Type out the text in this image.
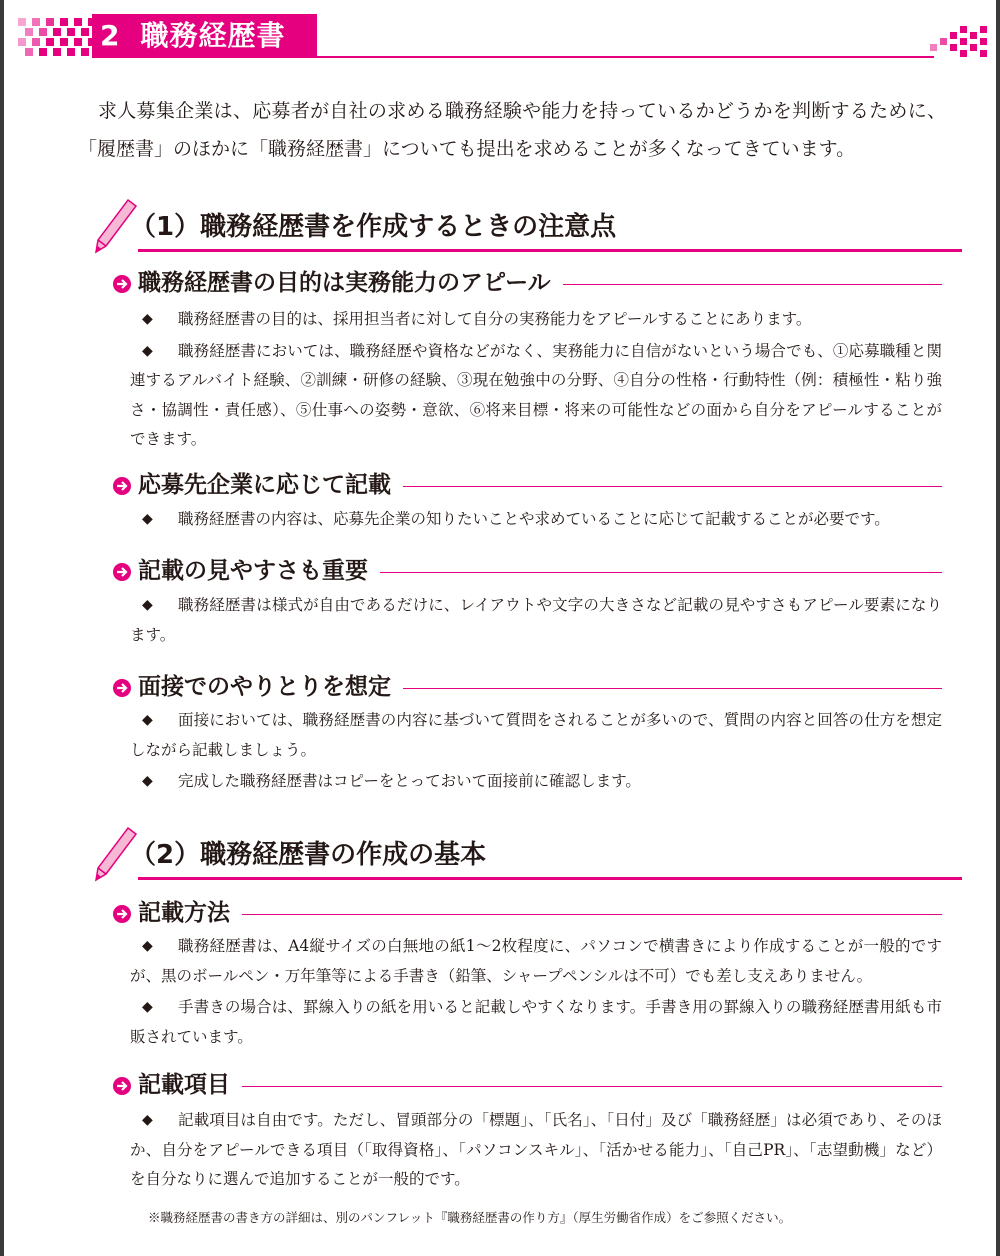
2 職務経歴書

求人募集企業は、応募者が自社の求める職務経験や能力を持っているかどうかを判断するために、「履歴書」のほかに「職務経歴書」についても提出を求めることが多くなってきています。

（1）職務経歴書を作成するときの注意点
職務経歴書の目的は実務能力のアピール
◆ 職務経歴書の目的は、採用担当者に対して自分の実務能力をアピールすることにあります。
◆ 職務経歴書においては、職務経歴や資格などがなく、実務能力に自信がないという場合でも、①応募職種と関連するアルバイト経験、②訓練・研修の経験、③現在勉強中の分野、④自分の性格・行動特性（例：積極性・粘り強さ・協調性・責任感）、⑤仕事への姿勢・意欲、⑥将来目標・将来の可能性などの面から自分をアピールすることができます。
応募先企業に応じて記載
◆ 職務経歴書の内容は、応募先企業の知りたいことや求めていることに応じて記載することが必要です。
記載の見やすさも重要
◆ 職務経歴書は様式が自由であるだけに、レイアウトや文字の大きさなど記載の見やすさもアピール要素になります。
面接でのやりとりを想定
◆ 面接においては、職務経歴書の内容に基づいて質問をされることが多いので、質問の内容と回答の仕方を想定しながら記載しましょう。
◆ 完成した職務経歴書はコピーをとっておいて面接前に確認します。
（2）職務経歴書の作成の基本
記載方法
◆ 職務経歴書は、A4縦サイズの白無地の紙1～2枚程度に、パソコンで横書きにより作成することが一般的ですが、黒のボールペン・万年筆等による手書き（鉛筆、シャープペンシルは不可）でも差し支えありません。
◆ 手書きの場合は、罫線入りの紙を用いると記載しやすくなります。手書き用の罫線入りの職務経歴書用紙も市販されています。
記載項目
◆ 記載項目は自由です。ただし、冒頭部分の「標題」、「氏名」、「日付」及び「職務経歴」は必須であり、そのほか、自分をアピールできる項目（「取得資格」、「パソコンスキル」、「活かせる能力」、「自己PR」、「志望動機」など）を自分なりに選んで追加することが一般的です。
※職務経歴書の書き方の詳細は、別のパンフレット『職務経歴書の作り方』（厚生労働省作成）をご参照ください。
